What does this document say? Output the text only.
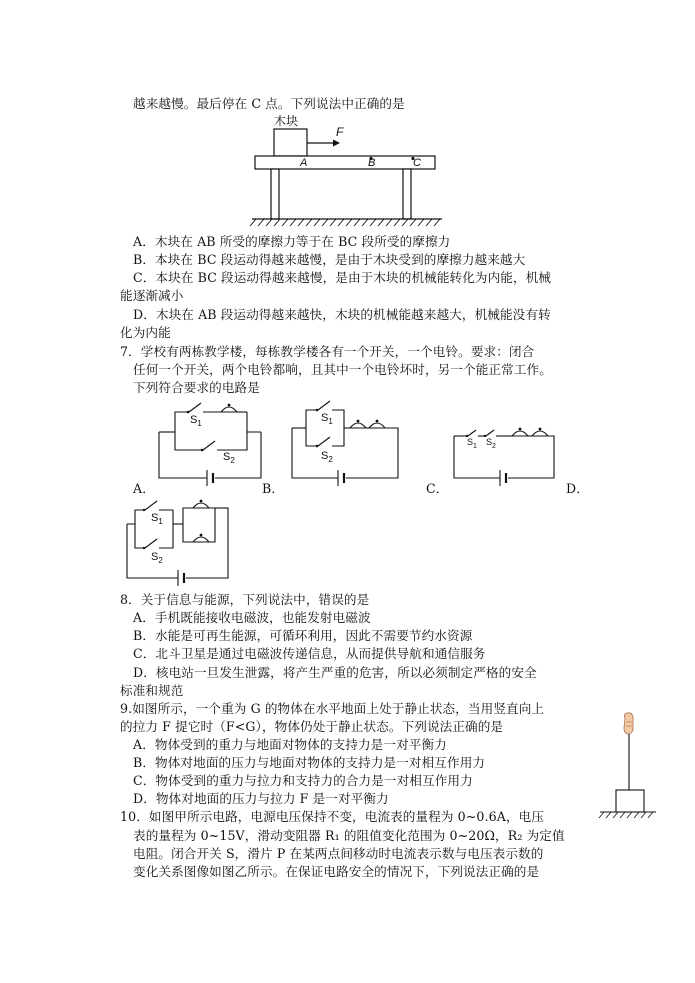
越来越慢。最后停在 C 点。下列说法中正确的是
木块
F
A	B	C
A．木块在 AB 所受的摩擦力等于在 BC 段所受的摩擦力
B．本块在 BC 段运动得越来越慢，是由于木块受到的摩擦力越来越大
C．本块在 BC 段运动得越来越慢，是由于木块的机械能转化为内能，机械
能逐渐减小
D．木块在 AB 段运动得越来越快，木块的机械能越来越大，机械能没有转
化为内能
7．学校有两栋教学楼，每栋教学楼各有一个开关，一个电铃。要求：闭合
任何一个开关，两个电铃都响，且其中一个电铃坏时，另一个能正常工作。
下列符合要求的电路是
$S_1$
$S_2$
A．	B．
$S_1$
$S_2$
$S_1$ $S_2$
C．	D．
$S_1$
$S_2$
8．关于信息与能源，下列说法中，错误的是
A．手机既能接收电磁波，也能发射电磁波
B．水能是可再生能源，可循环利用，因此不需要节约水资源
C．北斗卫星是通过电磁波传递信息，从而提供导航和通信服务
D．核电站一旦发生泄露，将产生严重的危害，所以必须制定严格的安全
标准和规范
9.如图所示，一个重为 G 的物体在水平地面上处于静止状态，当用竖直向上
的拉力 F 提它时（F<G），物体仍处于静止状态。下列说法正确的是
A．物体受到的重力与地面对物体的支持力是一对平衡力
B．物体对地面的压力与地面对物体的支持力是一对相互作用力
C．物体受到的重力与拉力和支持力的合力是一对相互作用力
D．物体对地面的压力与拉力 F 是一对平衡力
10．如图甲所示电路，电源电压保持不变，电流表的量程为 0~0.6A，电压
表的量程为 0~15V，滑动变阻器 R₁ 的阻值变化范围为 0~20Ω，R₂ 为定值
电阻。闭合开关 S，滑片 P 在某两点间移动时电流表示数与电压表示数的
变化关系图像如图乙所示。在保证电路安全的情况下，下列说法正确的是
